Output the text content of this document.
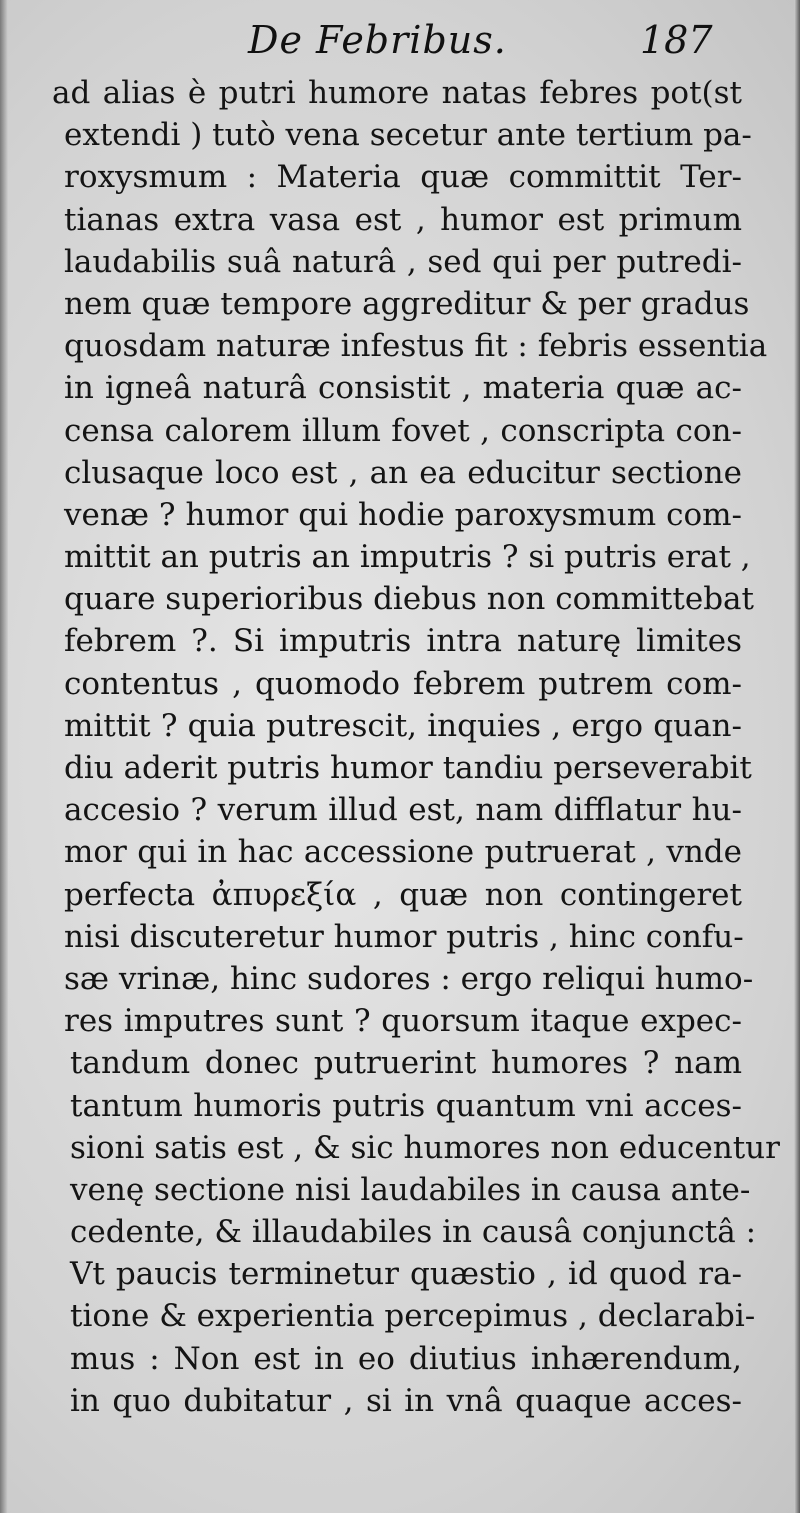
De Febribus.	187
ad alias è putri humore natas febres pot(st
extendi ) tutò vena secetur ante tertium pa-
roxysmum : Materia quæ committit Ter-
tianas extra vasa est , humor est primum
laudabilis suâ naturâ , sed qui per putredi-
nem quæ tempore aggreditur & per gradus
quosdam naturæ infestus fit : febris essentia
in igneâ naturâ consistit , materia quæ ac-
censa calorem illum fovet , conscripta con-
clusaque loco est , an ea educitur sectione
venæ ? humor qui hodie paroxysmum com-
mittit an putris an imputris ? si putris erat ,
quare superioribus diebus non committebat
febrem ?. Si imputris intra naturę limites
contentus , quomodo febrem putrem com-
mittit ? quia putrescit, inquies , ergo quan-
diu aderit putris humor tandiu perseverabit
accesio ? verum illud est, nam difflatur hu-
mor qui in hac accessione putruerat , vnde
perfecta ἀπυρεξία , quæ non contingeret
nisi discuteretur humor putris , hinc confu-
sæ vrinæ, hinc sudores : ergo reliqui humo-
res imputres sunt ? quorsum itaque expec-
tandum donec putruerint humores ? nam
tantum humoris putris quantum vni acces-
sioni satis est , & sic humores non educentur
venę sectione nisi laudabiles in causa ante-
cedente, & illaudabiles in causâ conjunctâ :
Vt paucis terminetur quæstio , id quod ra-
tione & experientia percepimus , declarabi-
mus : Non est in eo diutius inhærendum,
in quo dubitatur , si in vnâ quaque acces-
